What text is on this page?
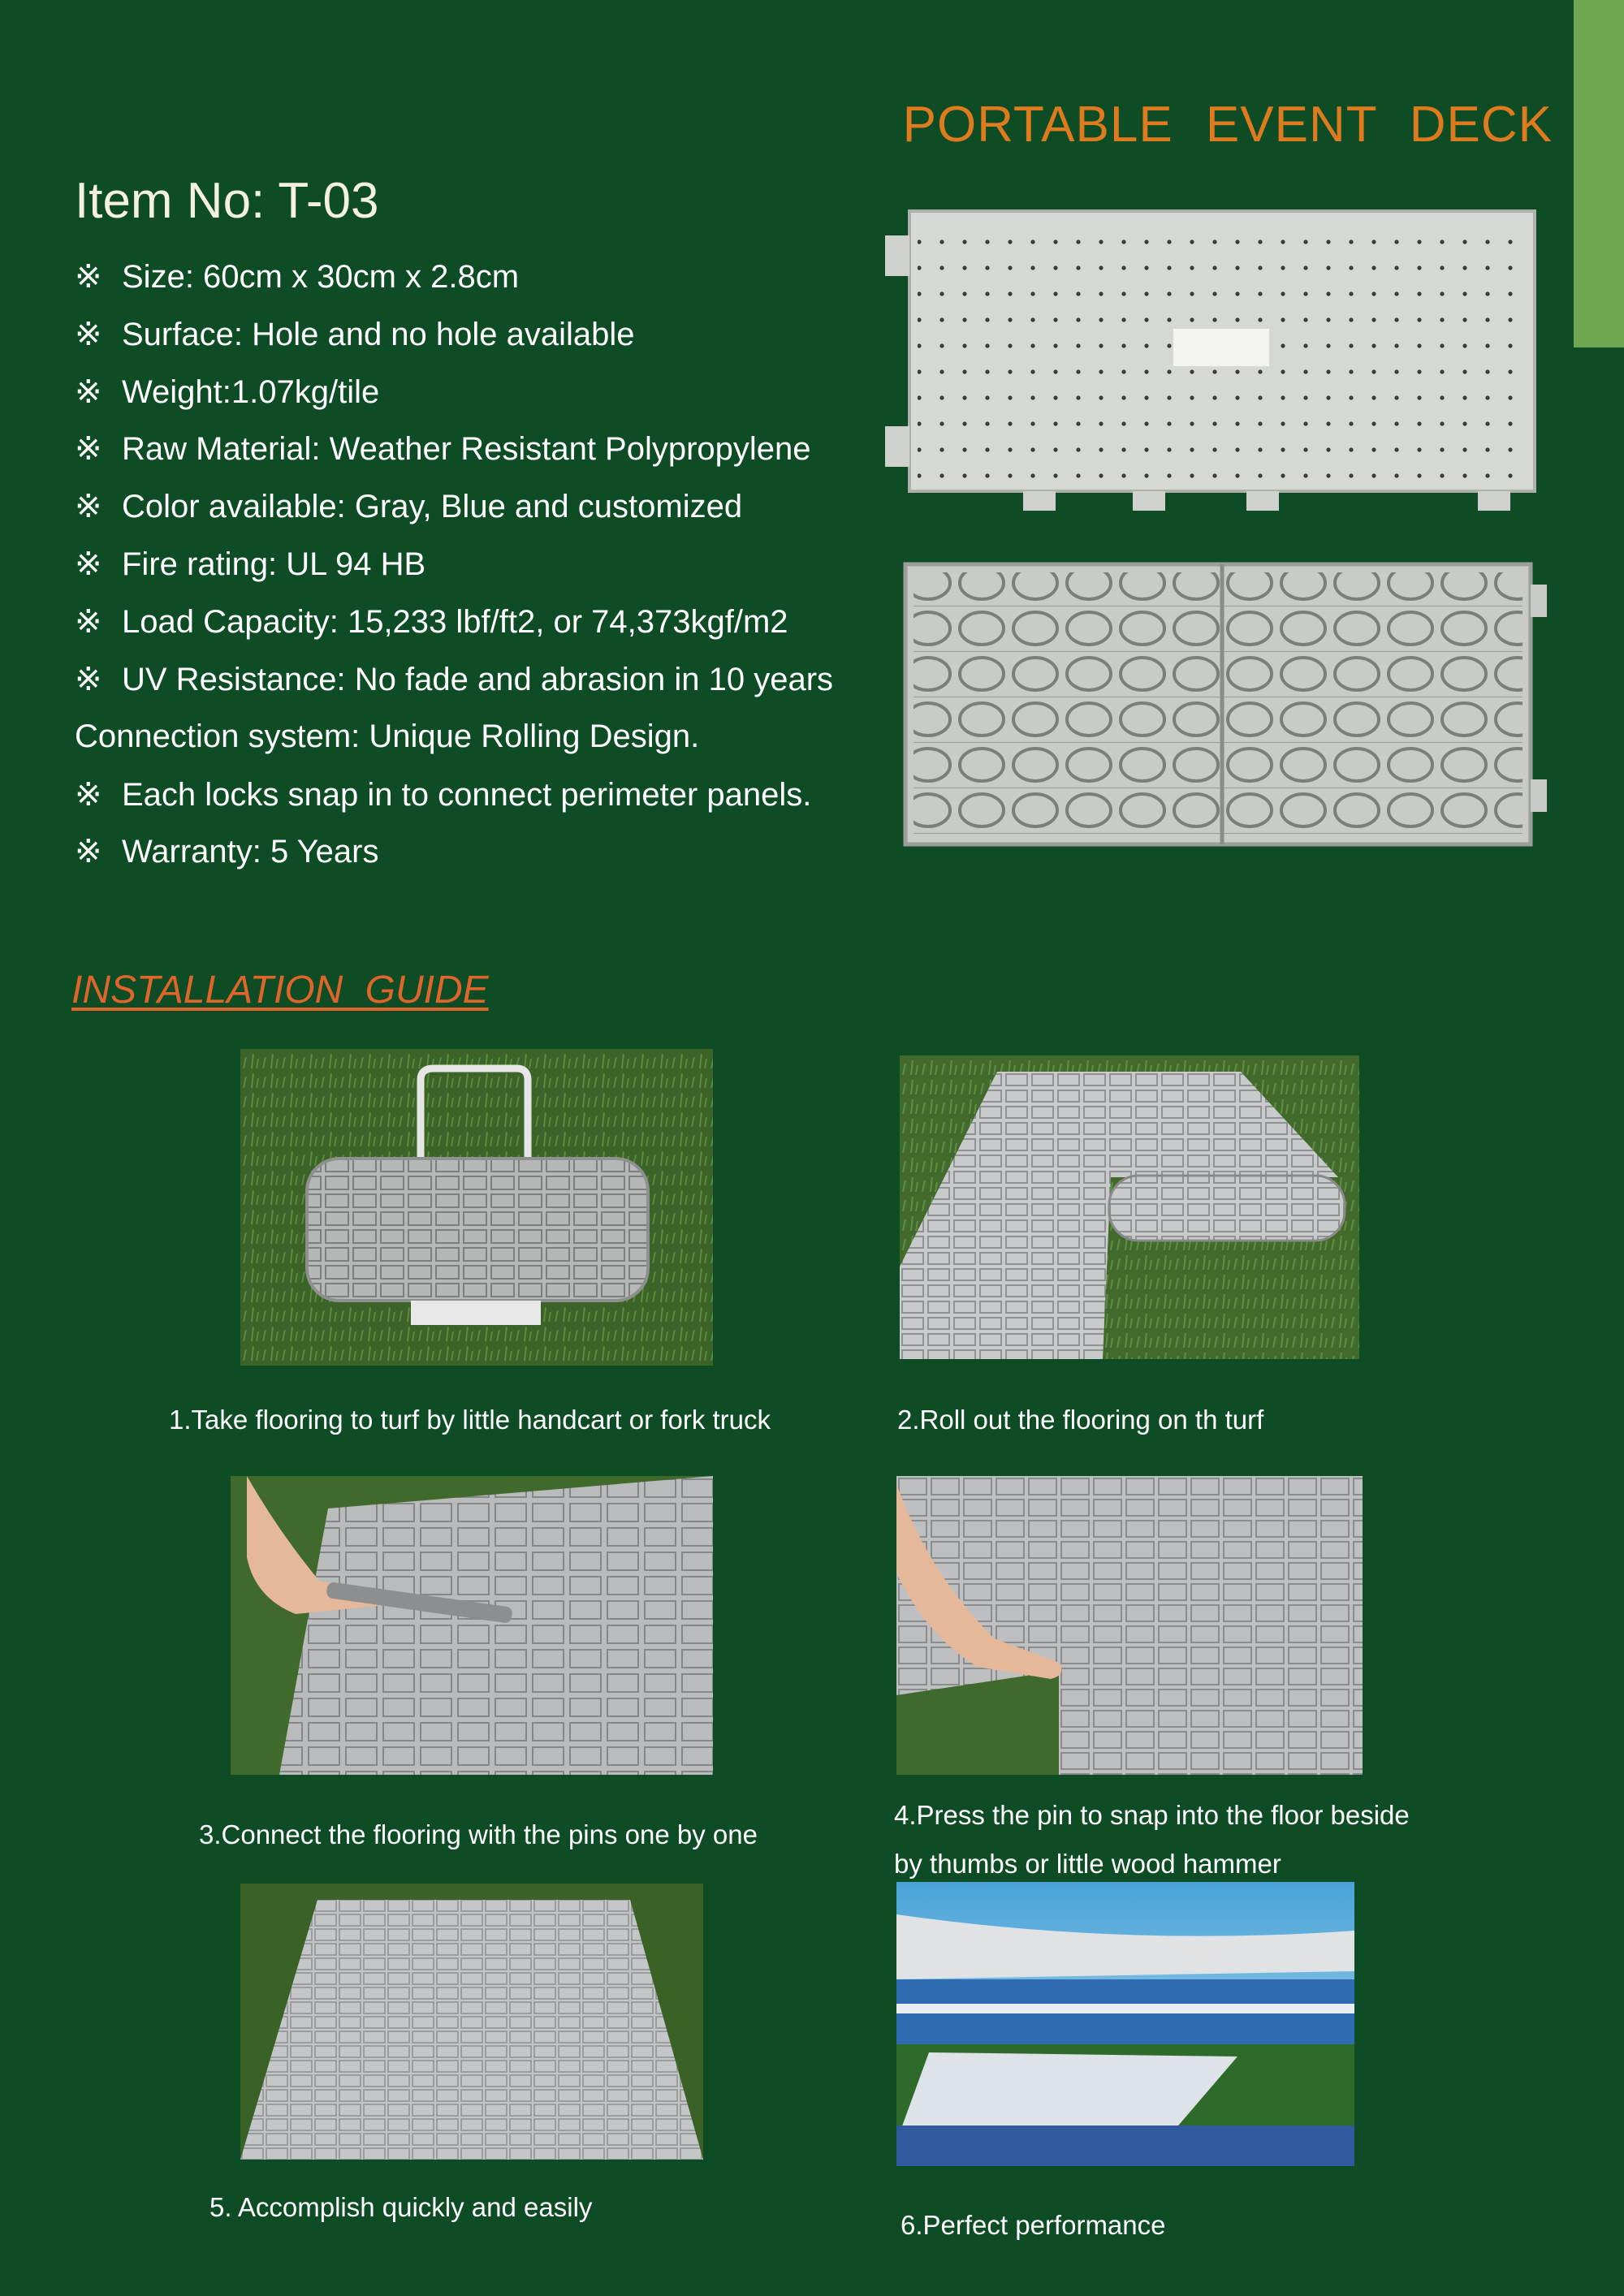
PORTABLE EVENT DECK
Item No: T-03
※ Size: 60cm x 30cm x 2.8cm
※ Surface: Hole and no hole available
※ Weight:1.07kg/tile
※ Raw Material: Weather Resistant Polypropylene
※ Color available: Gray, Blue and customized
※ Fire rating: UL 94 HB
※ Load Capacity: 15,233 lbf/ft2, or 74,373kgf/m2
※ UV Resistance: No fade and abrasion in 10 years
Connection system: Unique Rolling Design.
※ Each locks snap in to connect perimeter panels.
※ Warranty: 5 Years
INSTALLATION GUIDE
1.Take flooring to turf by little handcart or fork truck	2.Roll out the flooring on th turf
3.Connect the flooring with the pins one by one
4.Press the pin to snap into the floor beside
by thumbs or little wood hammer
5. Accomplish quickly and easily
6.Perfect performance
